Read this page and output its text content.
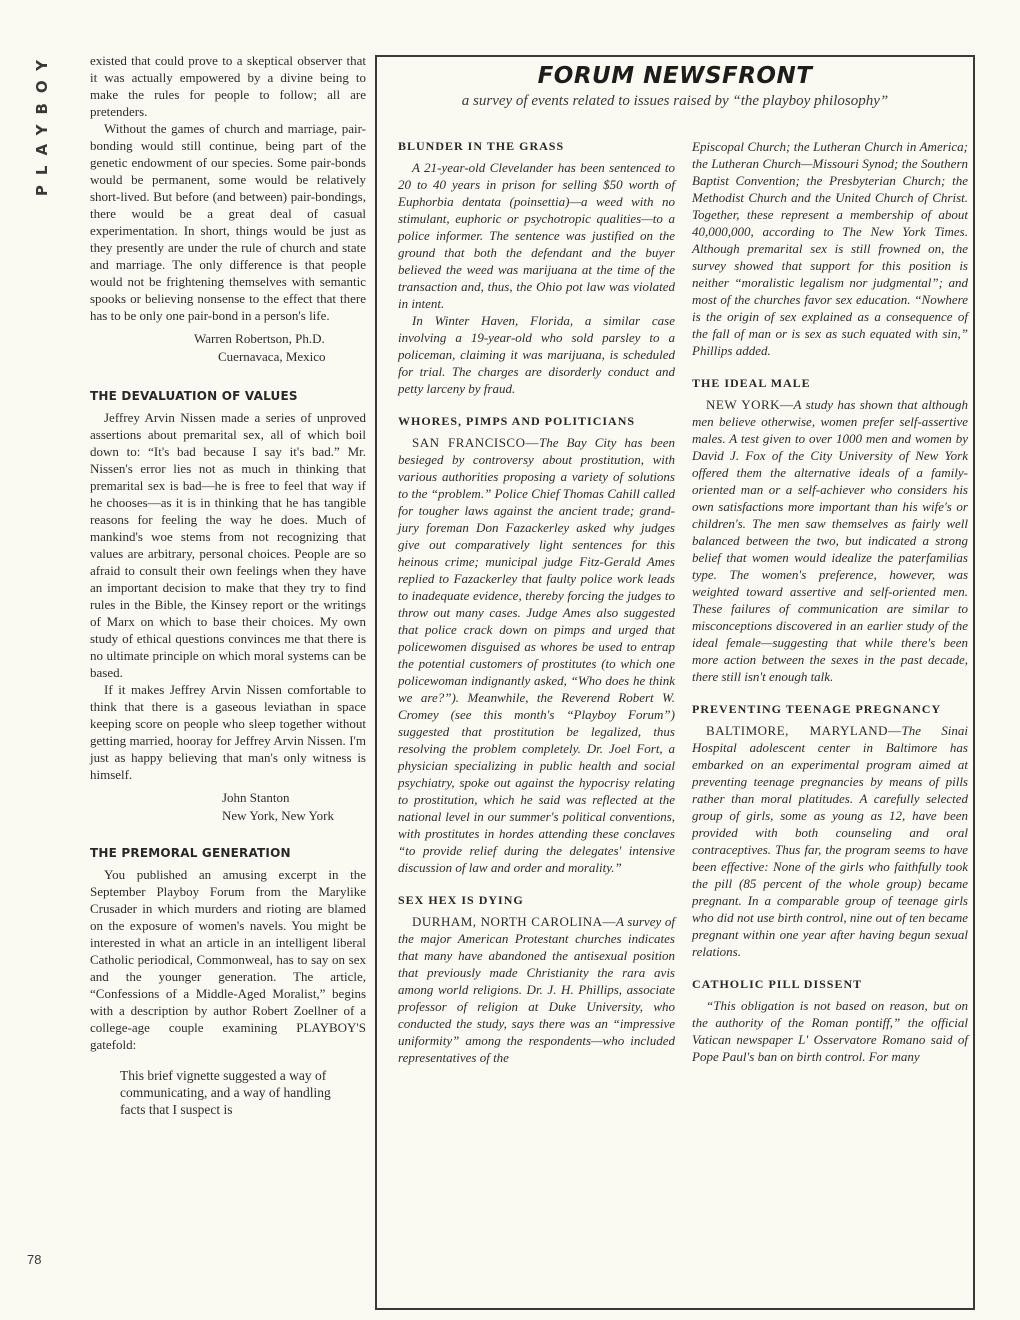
PLAYBOY
78

existed that could prove to a skeptical observer that it was actually empowered by a divine being to make the rules for people to follow; all are pretenders.

Without the games of church and marriage, pair-bonding would still continue, being part of the genetic endowment of our species. Some pair-bonds would be permanent, some would be relatively short-lived. But before (and between) pair-bondings, there would be a great deal of casual experimentation. In short, things would be just as they presently are under the rule of church and state and marriage. The only difference is that people would not be frightening themselves with semantic spooks or believing nonsense to the effect that there has to be only one pair-bond in a person's life.

Warren Robertson, Ph.D.
Cuernavaca, Mexico
THE DEVALUATION OF VALUES

Jeffrey Arvin Nissen made a series of unproved assertions about premarital sex, all of which boil down to: “It's bad because I say it's bad.” Mr. Nissen's error lies not as much in thinking that premarital sex is bad—he is free to feel that way if he chooses—as it is in thinking that he has tangible reasons for feeling the way he does. Much of mankind's woe stems from not recognizing that values are arbitrary, personal choices. People are so afraid to consult their own feelings when they have an important decision to make that they try to find rules in the Bible, the Kinsey report or the writings of Marx on which to base their choices. My own study of ethical questions convinces me that there is no ultimate principle on which moral systems can be based.

If it makes Jeffrey Arvin Nissen comfortable to think that there is a gaseous leviathan in space keeping score on people who sleep together without getting married, hooray for Jeffrey Arvin Nissen. I'm just as happy believing that man's only witness is himself.

John Stanton
New York, New York
THE PREMORAL GENERATION

You published an amusing excerpt in the September Playboy Forum from the Marylike Crusader in which murders and rioting are blamed on the exposure of women's navels. You might be interested in what an article in an intelligent liberal Catholic periodical, Commonweal, has to say on sex and the younger generation. The article, “Confessions of a Middle-Aged Moralist,” begins with a description by author Robert Zoellner of a college-age couple examining PLAYBOY'S gatefold:

This brief vignette suggested a way of communicating, and a way of handling facts that I suspect is
FORUM NEWSFRONT
a survey of events related to issues raised by “the playboy philosophy”
BLUNDER IN THE GRASS

A 21-year-old Clevelander has been sentenced to 20 to 40 years in prison for selling $50 worth of Euphorbia dentata (poinsettia)—a weed with no stimulant, euphoric or psychotropic qualities—to a police informer. The sentence was justified on the ground that both the defendant and the buyer believed the weed was marijuana at the time of the transaction and, thus, the Ohio pot law was violated in intent.

In Winter Haven, Florida, a similar case involving a 19-year-old who sold parsley to a policeman, claiming it was marijuana, is scheduled for trial. The charges are disorderly conduct and petty larceny by fraud.

WHORES, PIMPS AND POLITICIANS

SAN FRANCISCO—The Bay City has been besieged by controversy about prostitution, with various authorities proposing a variety of solutions to the “problem.” Police Chief Thomas Cahill called for tougher laws against the ancient trade; grand-jury foreman Don Fazackerley asked why judges give out comparatively light sentences for this heinous crime; municipal judge Fitz-Gerald Ames replied to Fazackerley that faulty police work leads to inadequate evidence, thereby forcing the judges to throw out many cases. Judge Ames also suggested that police crack down on pimps and urged that policewomen disguised as whores be used to entrap the potential customers of prostitutes (to which one policewoman indignantly asked, “Who does he think we are?”). Meanwhile, the Reverend Robert W. Cromey (see this month's “Playboy Forum”) suggested that prostitution be legalized, thus resolving the problem completely. Dr. Joel Fort, a physician specializing in public health and social psychiatry, spoke out against the hypocrisy relating to prostitution, which he said was reflected at the national level in our summer's political conventions, with prostitutes in hordes attending these conclaves “to provide relief during the delegates' intensive discussion of law and order and morality.”

SEX HEX IS DYING

DURHAM, NORTH CAROLINA—A survey of the major American Protestant churches indicates that many have abandoned the antisexual position that previously made Christianity the rara avis among world religions. Dr. J. H. Phillips, associate professor of religion at Duke University, who conducted the study, says there was an “impressive uniformity” among the respondents—who included representatives of the

Episcopal Church; the Lutheran Church in America; the Lutheran Church—Missouri Synod; the Southern Baptist Convention; the Presbyterian Church; the Methodist Church and the United Church of Christ. Together, these represent a membership of about 40,000,000, according to The New York Times. Although premarital sex is still frowned on, the survey showed that support for this position is neither “moralistic legalism nor judgmental”; and most of the churches favor sex education. “Nowhere is the origin of sex explained as a consequence of the fall of man or is sex as such equated with sin,” Phillips added.

THE IDEAL MALE

NEW YORK—A study has shown that although men believe otherwise, women prefer self-assertive males. A test given to over 1000 men and women by David J. Fox of the City University of New York offered them the alternative ideals of a family-oriented man or a self-achiever who considers his own satisfactions more important than his wife's or children's. The men saw themselves as fairly well balanced between the two, but indicated a strong belief that women would idealize the paterfamilias type. The women's preference, however, was weighted toward assertive and self-oriented men. These failures of communication are similar to misconceptions discovered in an earlier study of the ideal female—suggesting that while there's been more action between the sexes in the past decade, there still isn't enough talk.

PREVENTING TEENAGE PREGNANCY

BALTIMORE, MARYLAND—The Sinai Hospital adolescent center in Baltimore has embarked on an experimental program aimed at preventing teenage pregnancies by means of pills rather than moral platitudes. A carefully selected group of girls, some as young as 12, have been provided with both counseling and oral contraceptives. Thus far, the program seems to have been effective: None of the girls who faithfully took the pill (85 percent of the whole group) became pregnant. In a comparable group of teenage girls who did not use birth control, nine out of ten became pregnant within one year after having begun sexual relations.

CATHOLIC PILL DISSENT

“This obligation is not based on reason, but on the authority of the Roman pontiff,” the official Vatican newspaper L' Osservatore Romano said of Pope Paul's ban on birth control. For many
